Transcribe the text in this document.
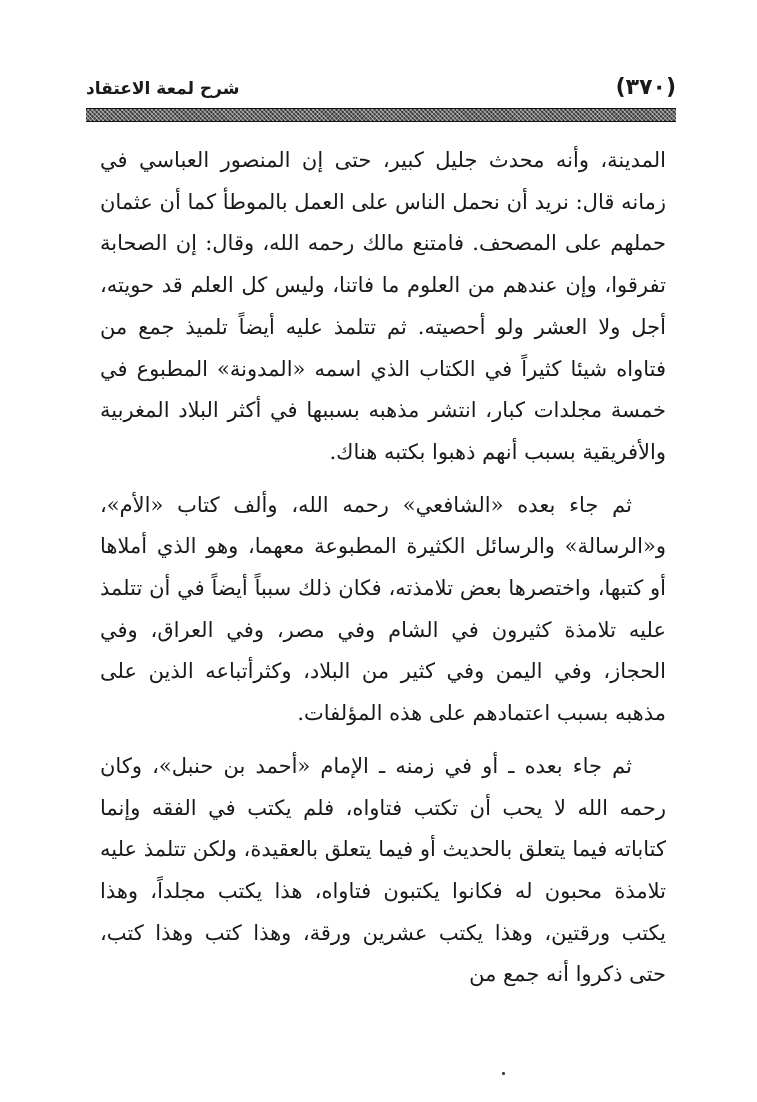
(٣٧٠)
شرح لمعة الاعتقاد

المدينة، وأنه محدث جليل كبير، حتى إن المنصور العباسي في زمانه قال: نريد أن نحمل الناس على العمل بالموطأ كما أن عثمان حملهم على المصحف. فامتنع مالك رحمه الله، وقال: إن الصحابة تفرقوا، وإن عندهم من العلوم ما فاتنا، وليس كل العلم قد حويته، أجل ولا العشر ولو أحصيته. ثم تتلمذ عليه أيضاً تلميذ جمع من فتاواه شيئا كثيراً في الكتاب الذي اسمه «المدونة» المطبوع في خمسة مجلدات كبار، انتشر مذهبه بسببها في أكثر البلاد المغربية والأفريقية بسبب أنهم ذهبوا بكتبه هناك.

ثم جاء بعده «الشافعي» رحمه الله، وألف كتاب «الأم»، و«الرسالة» والرسائل الكثيرة المطبوعة معهما، وهو الذي أملاها أو كتبها، واختصرها بعض تلامذته، فكان ذلك سبباً أيضاً في أن تتلمذ عليه تلامذة كثيرون في الشام وفي مصر، وفي العراق، وفي الحجاز، وفي اليمن وفي كثير من البلاد، وكثرأتباعه الذين على مذهبه بسبب اعتمادهم على هذه المؤلفات.

ثم جاء بعده ـ أو في زمنه ـ الإمام «أحمد بن حنبل»، وكان رحمه الله لا يحب أن تكتب فتاواه، فلم يكتب في الفقه وإنما كتاباته فيما يتعلق بالحديث أو فيما يتعلق بالعقيدة، ولكن تتلمذ عليه تلامذة محبون له فكانوا يكتبون فتاواه، هذا يكتب مجلداً، وهذا يكتب ورقتين، وهذا يكتب عشرين ورقة، وهذا كتب وهذا كتب، حتى ذكروا أنه جمع من
